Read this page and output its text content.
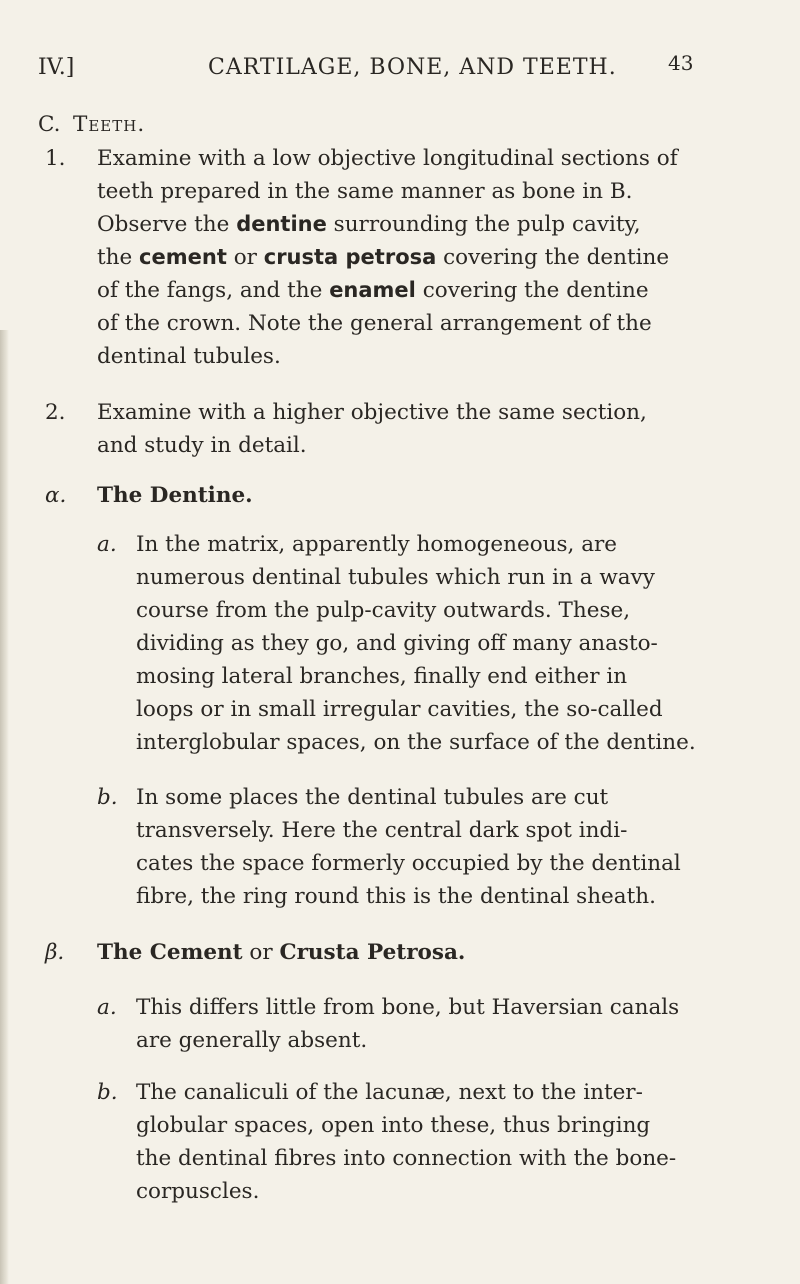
IV.]	CARTILAGE, BONE, AND TEETH.	43
C. Teeth.
1. Examine with a low objective longitudinal sections of
teeth prepared in the same manner as bone in B.
Observe the dentine surrounding the pulp cavity,
the cement or crusta petrosa covering the dentine
of the fangs, and the enamel covering the dentine
of the crown. Note the general arrangement of the
dentinal tubules.
2. Examine with a higher objective the same section,
and study in detail.
α. The Dentine.
a. In the matrix, apparently homogeneous, are
numerous dentinal tubules which run in a wavy
course from the pulp-cavity outwards. These,
dividing as they go, and giving off many anasto-
mosing lateral branches, finally end either in
loops or in small irregular cavities, the so-called
interglobular spaces, on the surface of the dentine.
b. In some places the dentinal tubules are cut
transversely. Here the central dark spot indi-
cates the space formerly occupied by the dentinal
fibre, the ring round this is the dentinal sheath.
β. The Cement or Crusta Petrosa.
a. This differs little from bone, but Haversian canals
are generally absent.
b. The canaliculi of the lacunæ, next to the inter-
globular spaces, open into these, thus bringing
the dentinal fibres into connection with the bone-
corpuscles.
